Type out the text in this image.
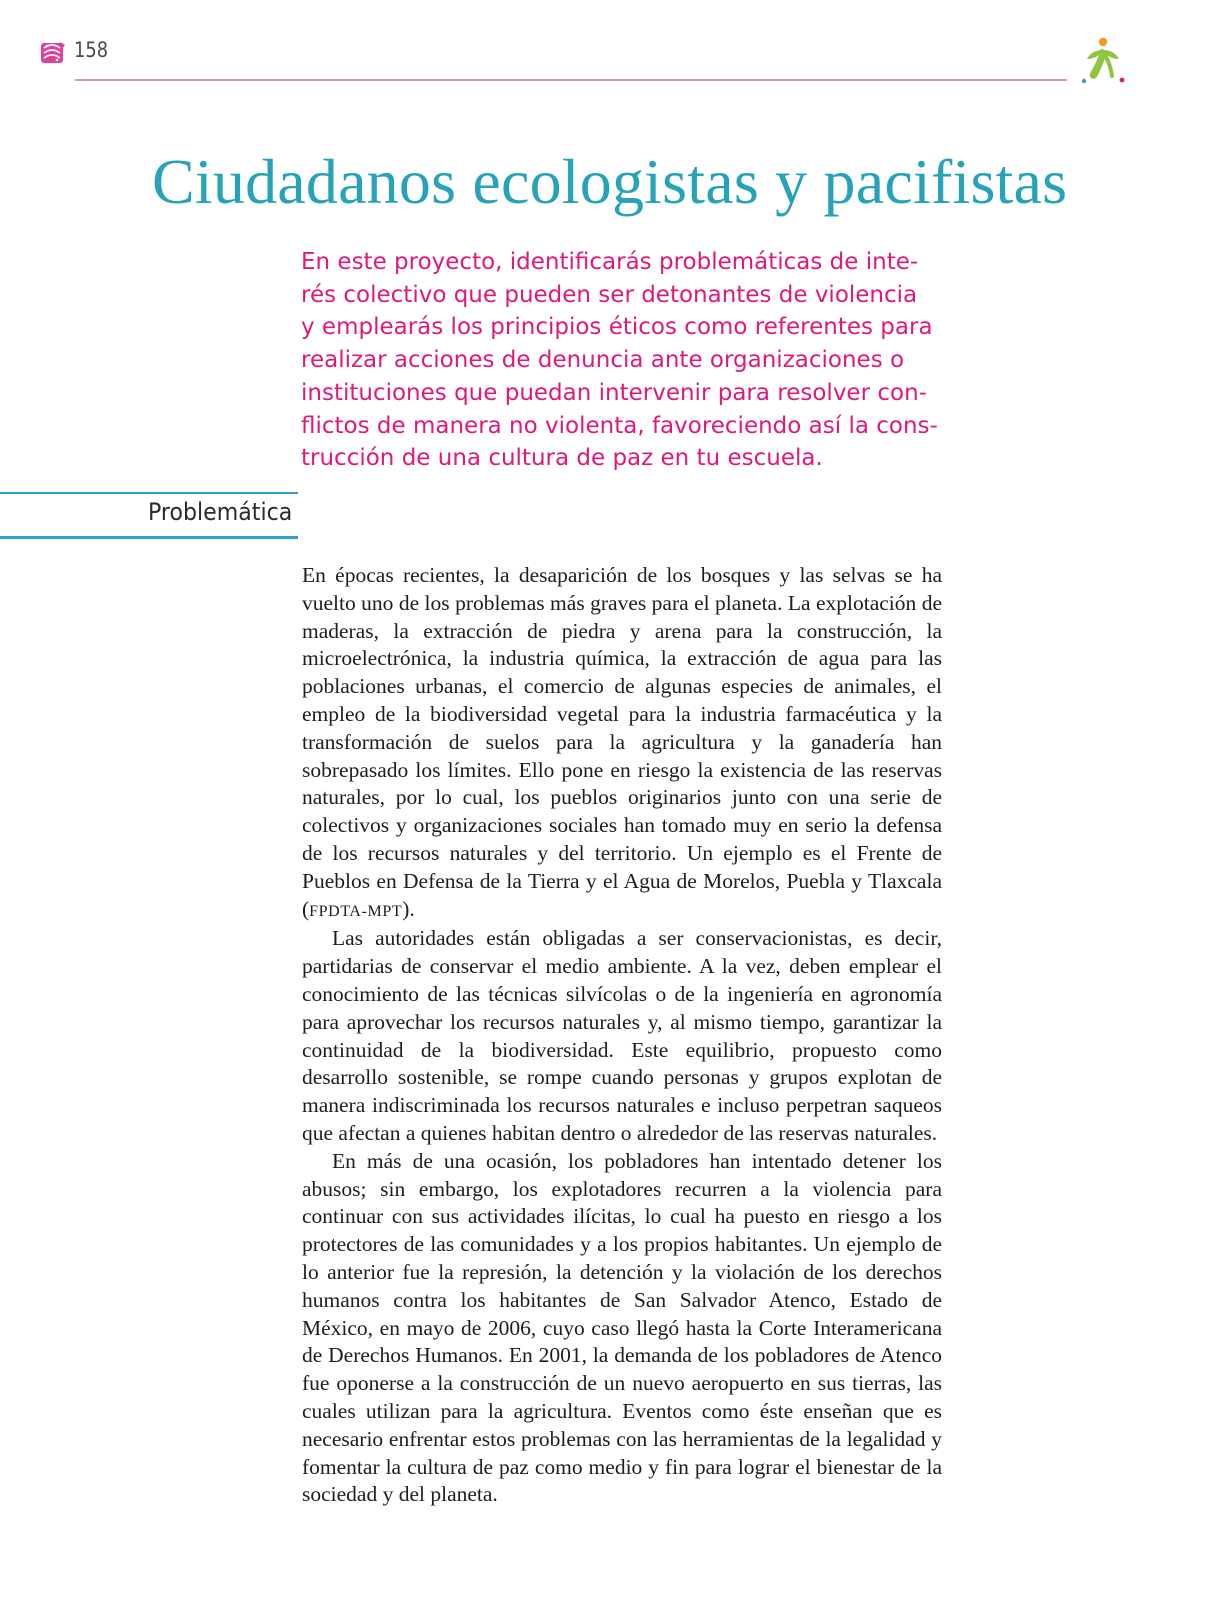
158
Ciudadanos ecologistas y pacifistas
En este proyecto, identificarás problemáticas de inte-
rés colectivo que pueden ser detonantes de violencia
y emplearás los principios éticos como referentes para
realizar acciones de denuncia ante organizaciones o
instituciones que puedan intervenir para resolver con-
flictos de manera no violenta, favoreciendo así la cons-
trucción de una cultura de paz en tu escuela.
Problemática

En épocas recientes, la desaparición de los bosques y las selvas se ha vuelto uno de los problemas más graves para el planeta. La explotación de maderas, la extracción de piedra y arena para la construcción, la microelectrónica, la industria química, la extracción de agua para las poblaciones urbanas, el comercio de algunas especies de animales, el empleo de la biodiversidad vegetal para la industria farmacéutica y la transformación de suelos para la agricultura y la ganadería han sobrepasado los límites. Ello pone en riesgo la existencia de las reservas naturales, por lo cual, los pueblos originarios junto con una serie de colectivos y organizaciones sociales han tomado muy en serio la defensa de los recursos naturales y del territorio. Un ejemplo es el Frente de Pueblos en Defensa de la Tierra y el Agua de Morelos, Puebla y Tlaxcala (FPDTA-MPT).

Las autoridades están obligadas a ser conservacionistas, es decir, partidarias de conservar el medio ambiente. A la vez, deben emplear el conocimiento de las técnicas silvícolas o de la ingeniería en agronomía para aprovechar los recursos naturales y, al mismo tiempo, garantizar la continuidad de la biodiversidad. Este equilibrio, propuesto como desarrollo sostenible, se rompe cuando personas y grupos explotan de manera indiscriminada los recursos naturales e incluso perpetran saqueos que afectan a quienes habitan dentro o alrededor de las reservas naturales.

En más de una ocasión, los pobladores han intentado detener los abusos; sin embargo, los explotadores recurren a la violencia para continuar con sus actividades ilícitas, lo cual ha puesto en riesgo a los protectores de las comunidades y a los propios habitantes. Un ejemplo de lo anterior fue la represión, la detención y la violación de los derechos humanos contra los habitantes de San Salvador Atenco, Estado de México, en mayo de 2006, cuyo caso llegó hasta la Corte Interamericana de Derechos Humanos. En 2001, la demanda de los pobladores de Atenco fue oponerse a la construcción de un nuevo aeropuerto en sus tierras, las cuales utilizan para la agricultura. Eventos como éste enseñan que es necesario enfrentar estos problemas con las herramientas de la legalidad y fomentar la cultura de paz como medio y fin para lograr el bienestar de la sociedad y del planeta.
